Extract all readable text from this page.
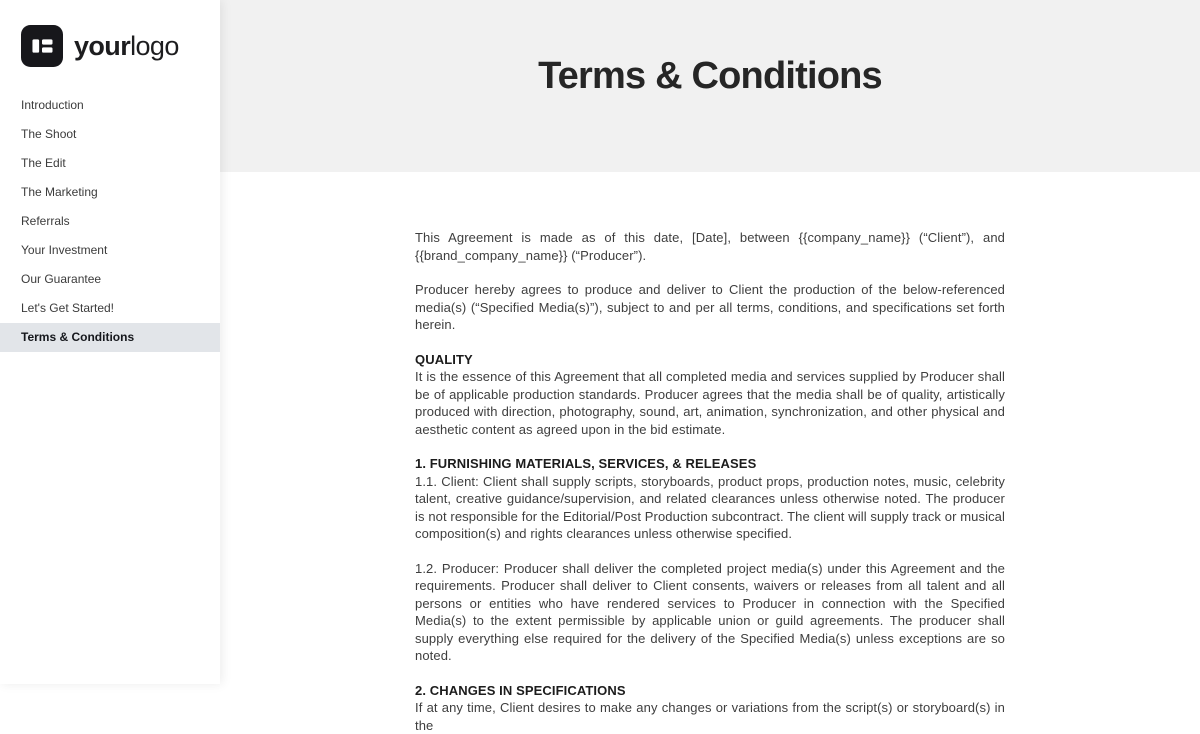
yourlogo
Introduction
The Shoot
The Edit
The Marketing
Referrals
Your Investment
Our Guarantee
Let's Get Started!
Terms & Conditions
Terms & Conditions

This Agreement is made as of this date, [Date], between {{company_name}} (“Client”), and {{brand_company_name}} (“Producer”).

Producer hereby agrees to produce and deliver to Client the production of the below-referenced media(s) (“Specified Media(s)”), subject to and per all terms, conditions, and specifications set forth herein.

QUALITY

It is the essence of this Agreement that all completed media and services supplied by Producer shall be of applicable production standards. Producer agrees that the media shall be of quality, artistically produced with direction, photography, sound, art, animation, synchronization, and other physical and aesthetic content as agreed upon in the bid estimate.

1. FURNISHING MATERIALS, SERVICES, & RELEASES

1.1. Client: Client shall supply scripts, storyboards, product props, production notes, music, celebrity talent, creative guidance/supervision, and related clearances unless otherwise noted. The producer is not responsible for the Editorial/Post Production subcontract. The client will supply track or musical composition(s) and rights clearances unless otherwise specified.

1.2. Producer: Producer shall deliver the completed project media(s) under this Agreement and the requirements. Producer shall deliver to Client consents, waivers or releases from all talent and all persons or entities who have rendered services to Producer in connection with the Specified Media(s) to the extent permissible by applicable union or guild agreements. The producer shall supply everything else required for the delivery of the Specified Media(s) unless exceptions are so noted.

2. CHANGES IN SPECIFICATIONS

If at any time, Client desires to make any changes or variations from the script(s) or storyboard(s) in the
